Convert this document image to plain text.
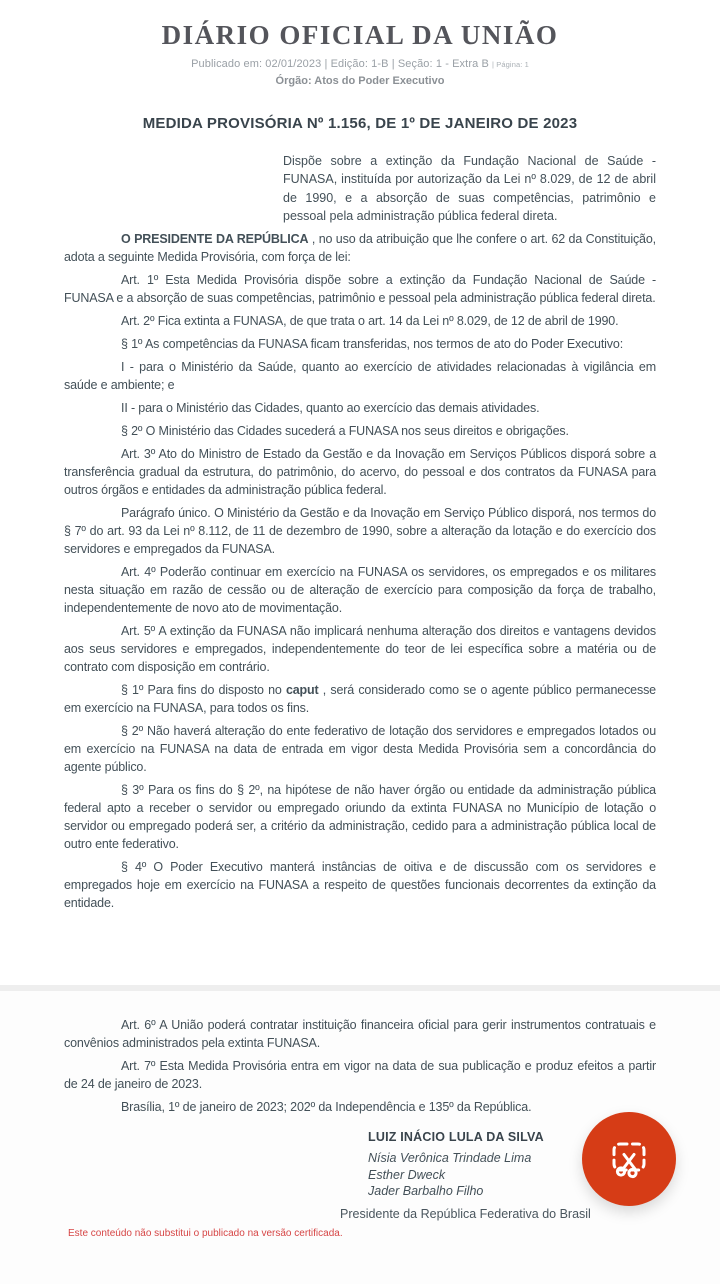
DIÁRIO OFICIAL DA UNIÃO
Publicado em: 02/01/2023 | Edição: 1-B | Seção: 1 - Extra B | Página: 1
Órgão: Atos do Poder Executivo
MEDIDA PROVISÓRIA Nº 1.156, DE 1º DE JANEIRO DE 2023

Dispõe sobre a extinção da Fundação Nacional de Saúde - FUNASA, instituída por autorização da Lei nº 8.029, de 12 de abril de 1990, e a absorção de suas competências, patrimônio e pessoal pela administração pública federal direta.

O PRESIDENTE DA REPÚBLICA , no uso da atribuição que lhe confere o art. 62 da Constituição, adota a seguinte Medida Provisória, com força de lei:

Art. 1º Esta Medida Provisória dispõe sobre a extinção da Fundação Nacional de Saúde - FUNASA e a absorção de suas competências, patrimônio e pessoal pela administração pública federal direta.

Art. 2º Fica extinta a FUNASA, de que trata o art. 14 da Lei nº 8.029, de 12 de abril de 1990.

§ 1º As competências da FUNASA ficam transferidas, nos termos de ato do Poder Executivo:

I - para o Ministério da Saúde, quanto ao exercício de atividades relacionadas à vigilância em saúde e ambiente; e

II - para o Ministério das Cidades, quanto ao exercício das demais atividades.

§ 2º O Ministério das Cidades sucederá a FUNASA nos seus direitos e obrigações.

Art. 3º Ato do Ministro de Estado da Gestão e da Inovação em Serviços Públicos disporá sobre a transferência gradual da estrutura, do patrimônio, do acervo, do pessoal e dos contratos da FUNASA para outros órgãos e entidades da administração pública federal.

Parágrafo único. O Ministério da Gestão e da Inovação em Serviço Público disporá, nos termos do § 7º do art. 93 da Lei nº 8.112, de 11 de dezembro de 1990, sobre a alteração da lotação e do exercício dos servidores e empregados da FUNASA.

Art. 4º Poderão continuar em exercício na FUNASA os servidores, os empregados e os militares nesta situação em razão de cessão ou de alteração de exercício para composição da força de trabalho, independentemente de novo ato de movimentação.

Art. 5º A extinção da FUNASA não implicará nenhuma alteração dos direitos e vantagens devidos aos seus servidores e empregados, independentemente do teor de lei específica sobre a matéria ou de contrato com disposição em contrário.

§ 1º Para fins do disposto no caput , será considerado como se o agente público permanecesse em exercício na FUNASA, para todos os fins.

§ 2º Não haverá alteração do ente federativo de lotação dos servidores e empregados lotados ou em exercício na FUNASA na data de entrada em vigor desta Medida Provisória sem a concordância do agente público.

§ 3º Para os fins do § 2º, na hipótese de não haver órgão ou entidade da administração pública federal apto a receber o servidor ou empregado oriundo da extinta FUNASA no Município de lotação o servidor ou empregado poderá ser, a critério da administração, cedido para a administração pública local de outro ente federativo.

§ 4º O Poder Executivo manterá instâncias de oitiva e de discussão com os servidores e empregados hoje em exercício na FUNASA a respeito de questões funcionais decorrentes da extinção da entidade.

Art. 6º A União poderá contratar instituição financeira oficial para gerir instrumentos contratuais e convênios administrados pela extinta FUNASA.

Art. 7º Esta Medida Provisória entra em vigor na data de sua publicação e produz efeitos a partir de 24 de janeiro de 2023.

Brasília, 1º de janeiro de 2023; 202º da Independência e 135º da República.

LUIZ INÁCIO LULA DA SILVA
Nísia Verônica Trindade Lima
Esther Dweck
Jader Barbalho Filho
Presidente da República Federativa do Brasil
Este conteúdo não substitui o publicado na versão certificada.
